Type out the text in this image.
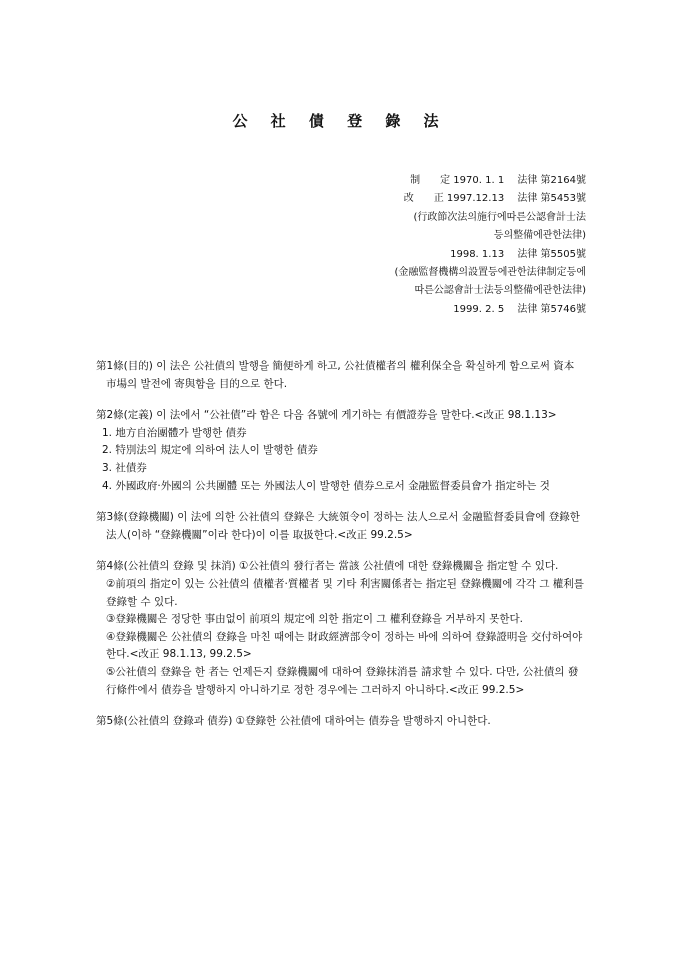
公 社 債 登 錄 法
制　　定 1970. 1. 1　 法律 第2164號
改　　正 1997.12.13　 法律 第5453號
(行政節次法의施行에따른公認會計士法
등의整備에관한法律)
1998. 1.13　 法律 第5505號
(金融監督機構의設置등에관한法律制定등에
따른公認會計士法등의整備에관한法律)
1999. 2. 5　 法律 第5746號

第1條(目的) 이 法은 公社債의 발행을 簡便하게 하고, 公社債權者의 權利保全을 확실하게 함으로써 資本市場의 발전에 寄與함을 目的으로 한다.

第2條(定義) 이 法에서 “公社債”라 함은 다음 各號에 게기하는 有價證券을 말한다.<改正 98.1.13>

1. 地方自治團體가 발행한 債券
2. 特別法의 規定에 의하여 法人이 발행한 債券
3. 社債券
4. 外國政府·外國의 公共團體 또는 外國法人이 발행한 債券으로서 金融監督委員會가 指定하는 것

第3條(登錄機關) 이 法에 의한 公社債의 登錄은 大統領令이 정하는 法人으로서 金融監督委員會에 登錄한 法人(이하 “登錄機關”이라 한다)이 이를 取扱한다.<改正 99.2.5>

第4條(公社債의 登錄 및 抹消) ①公社債의 發行者는 當該 公社債에 대한 登錄機關을 指定할 수 있다.

②前項의 指定이 있는 公社債의 債權者·質權者 및 기타 利害關係者는 指定된 登錄機關에 각각 그 權利를 登錄할 수 있다.
③登錄機關은 정당한 事由없이 前項의 規定에 의한 指定이 그 權利登錄을 거부하지 못한다.
④登錄機關은 公社債의 登錄을 마친 때에는 財政經濟部令이 정하는 바에 의하여 登錄證明을 交付하여야 한다.<改正 98.1.13, 99.2.5>
⑤公社債의 登錄을 한 者는 언제든지 登錄機關에 대하여 登錄抹消를 請求할 수 있다. 다만, 公社債의 發行條件에서 債券을 발행하지 아니하기로 정한 경우에는 그러하지 아니하다.<改正 99.2.5>

第5條(公社債의 登錄과 債券) ①登錄한 公社債에 대하여는 債券을 발행하지 아니한다.
